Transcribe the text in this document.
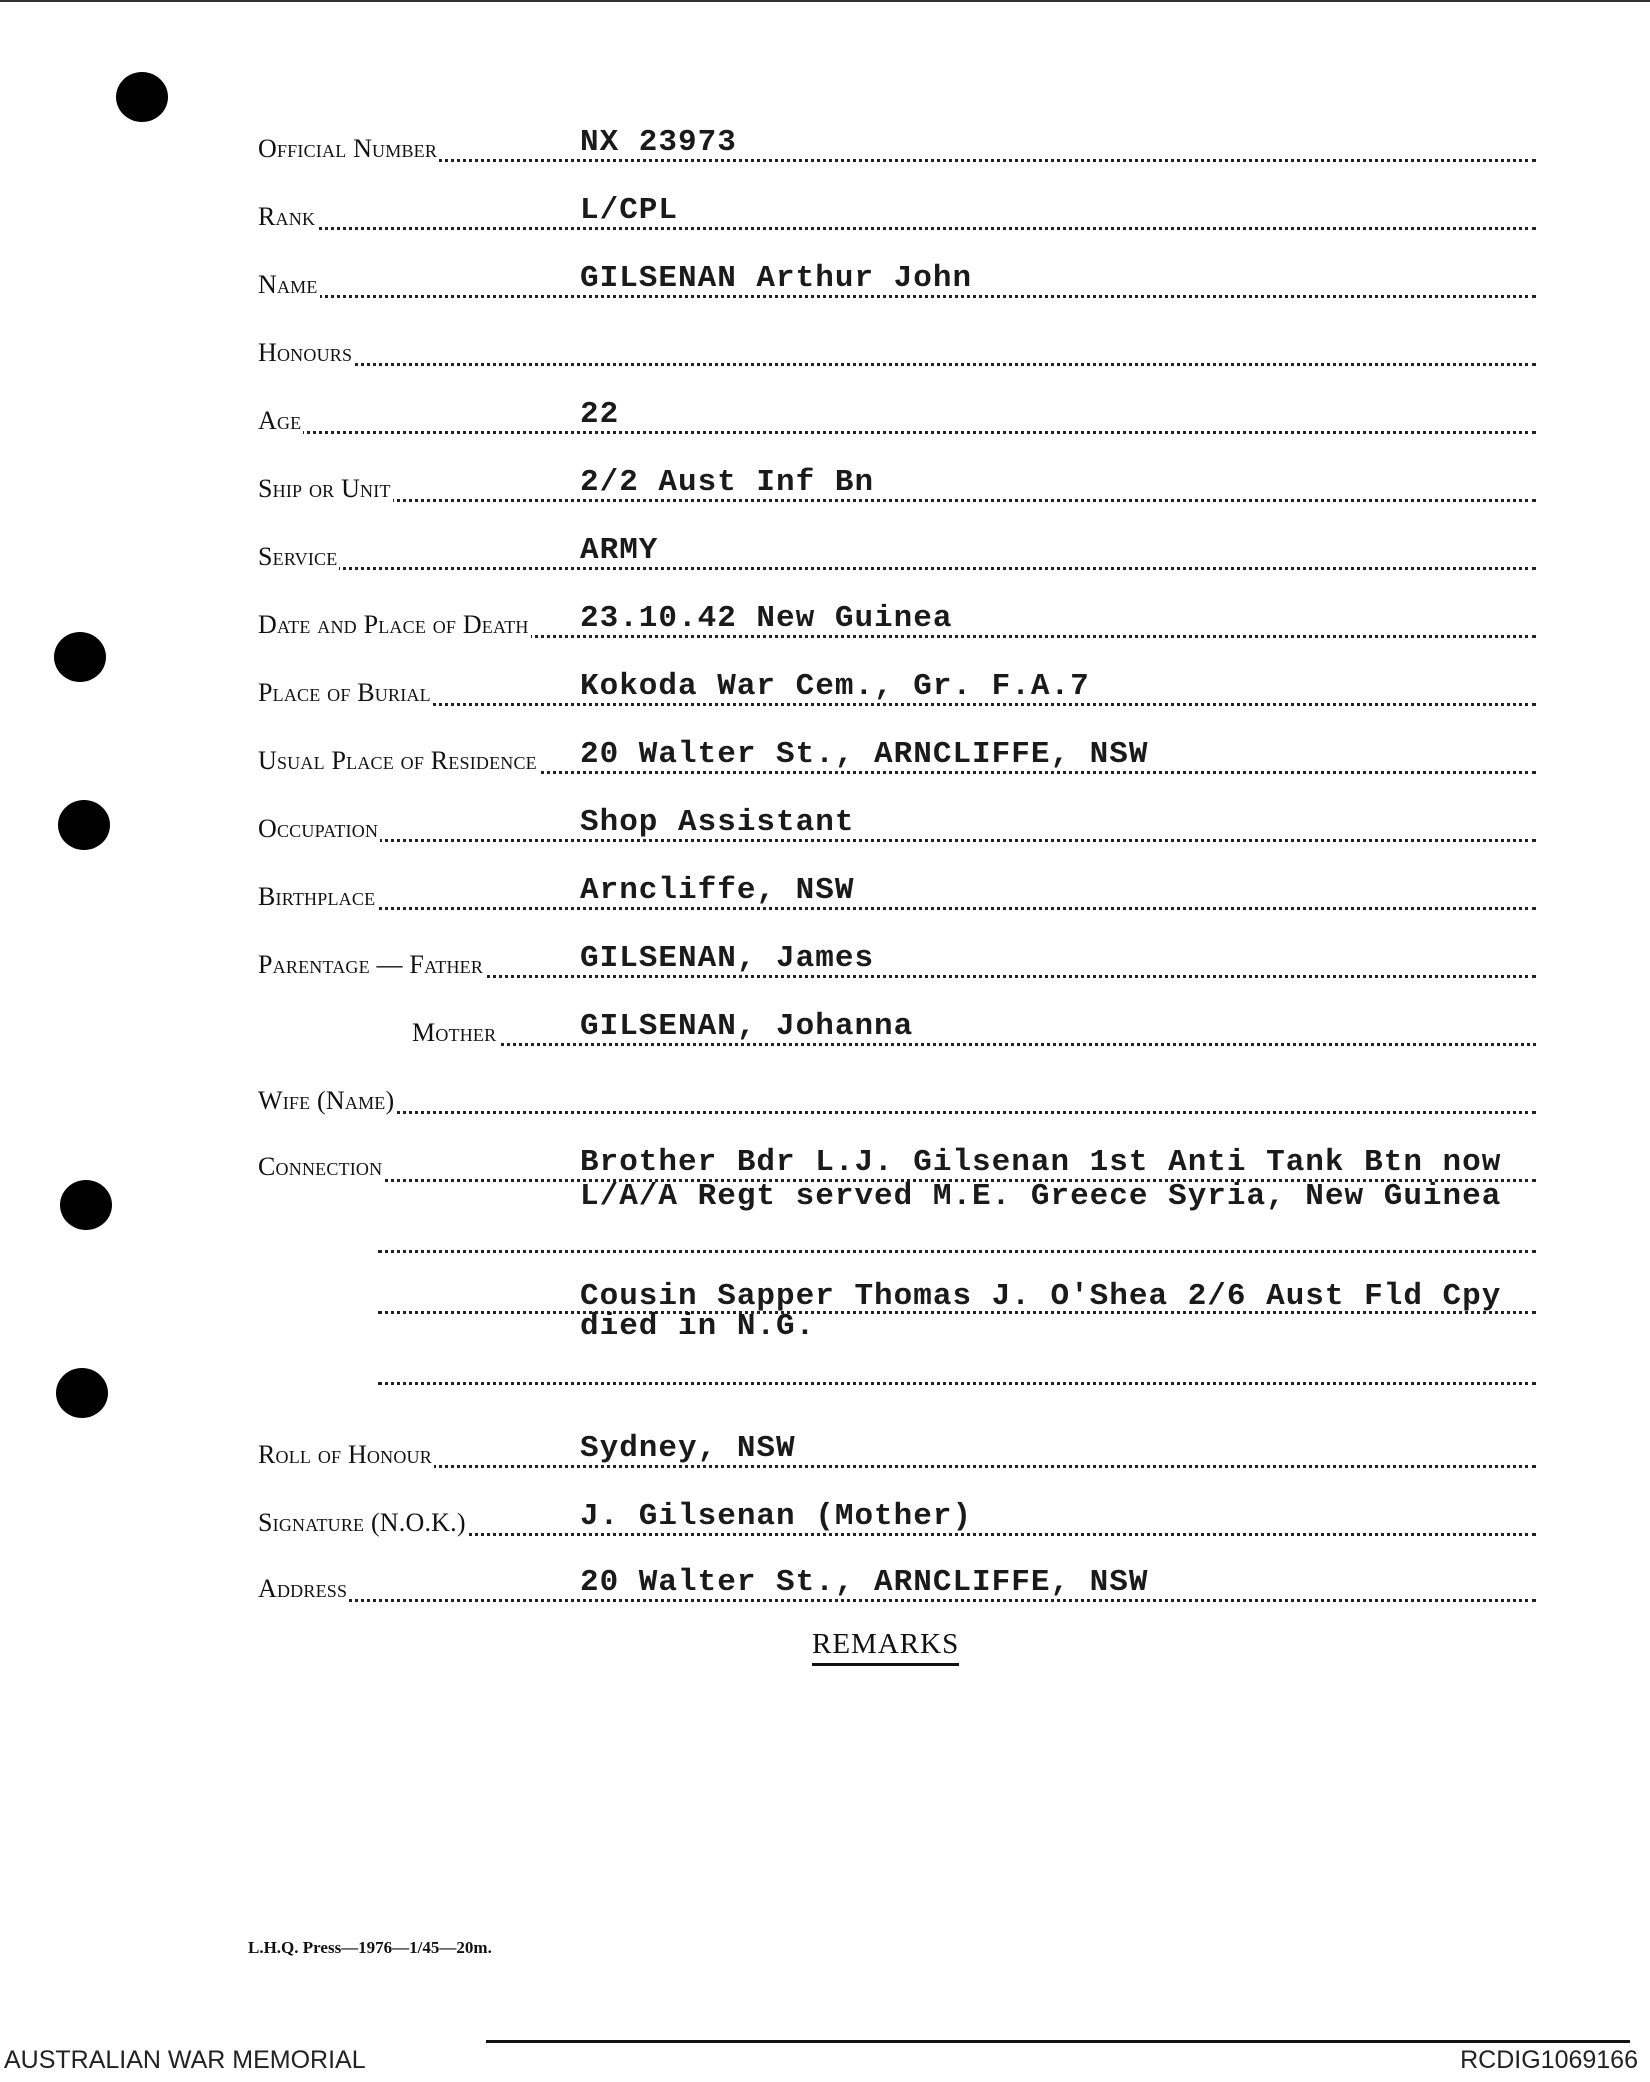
Official Number	NX 23973
Rank	L/CPL
Name	GILSENAN Arthur John
Honours
Age	22
Ship or Unit	2/2 Aust Inf Bn
Service	ARMY
Date and Place of Death 23.10.42 New Guinea
Place of Burial	Kokoda War Cem., Gr. F.A.7
Usual Place of Residence 20 Walter St., ARNCLIFFE, NSW
Occupation	Shop Assistant
Birthplace	Arncliffe, NSW
Parentage — Father	GILSENAN, James
Mother	GILSENAN, Johanna
Wife (Name)
Connection	Brother Bdr L.J. Gilsenan 1st Anti Tank Btn now
L/A/A Regt served M.E. Greece Syria, New Guinea
Cousin Sapper Thomas J. O'Shea 2/6 Aust Fld Cpy
died in N.G.
Roll of Honour	Sydney, NSW
Signature (N.O.K.)	J. Gilsenan (Mother)
Address	20 Walter St., ARNCLIFFE, NSW
REMARKS
L.H.Q. Press—1976—1/45—20m.
AUSTRALIAN WAR MEMORIAL	RCDIG1069166
